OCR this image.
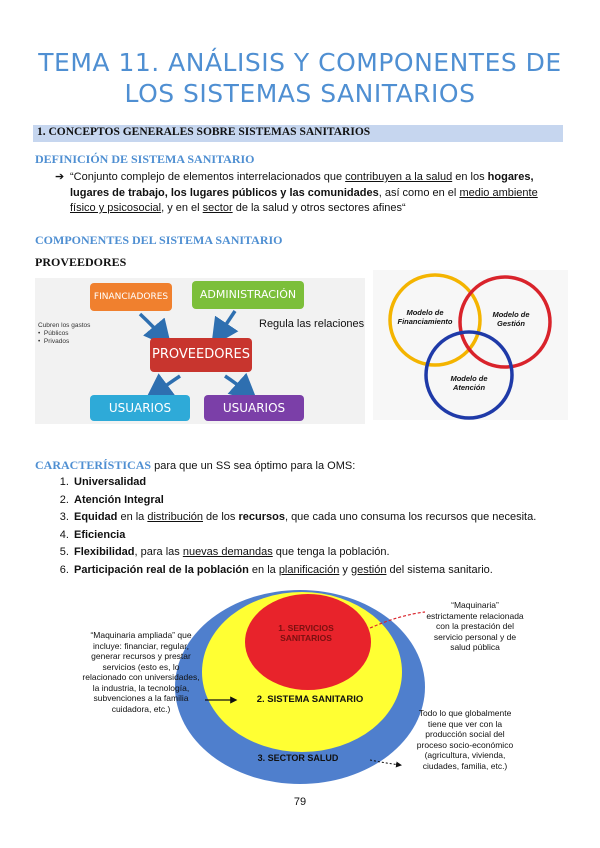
TEMA 11. ANÁLISIS Y COMPONENTES DE
LOS SISTEMAS SANITARIOS
1. CONCEPTOS GENERALES SOBRE SISTEMAS SANITARIOS
DEFINICIÓN DE SISTEMA SANITARIO
➔ “Conjunto complejo de elementos interrelacionados que contribuyen a la salud en los hogares, lugares de trabajo, los lugares públicos y las comunidades, así como en el medio ambiente físico y psicosocial, y en el sector de la salud y otros sectores afines“
COMPONENTES DEL SISTEMA SANITARIO
PROVEEDORES
FINANCIADORES	ADMINISTRACIÓN
Regula las relaciones
Cubren los gastos
• Públicos
• Privados
PROVEEDORES
USUARIOS	USUARIOS
Modelo de
Financiamiento
Modelo de
Gestión
Modelo de
Atención
CARACTERÍSTICAS para que un SS sea óptimo para la OMS:
1. Universalidad
2. Atención Integral
3. Equidad en la distribución de los recursos, que cada uno consuma los recursos que necesita.
4. Eficiencia
5. Flexibilidad, para las nuevas demandas que tenga la población.
6. Participación real de la población en la planificación y gestión del sistema sanitario.
1. SERVICIOS
SANITARIOS
2. SISTEMA SANITARIO
3. SECTOR SALUD
“Maquinaria” estrictamente relacionada con la prestación del servicio personal y de salud pública
“Maquinaria ampliada” que incluye: financiar, regular, generar recursos y prestar servicios (esto es, lo relacionado con universidades, la industria, la tecnología, subvenciones a la familia cuidadora, etc.)	Todo lo que globalmente tiene que ver con la producción social del proceso socio-económico (agricultura, vivienda, ciudades, familia, etc.)
79
